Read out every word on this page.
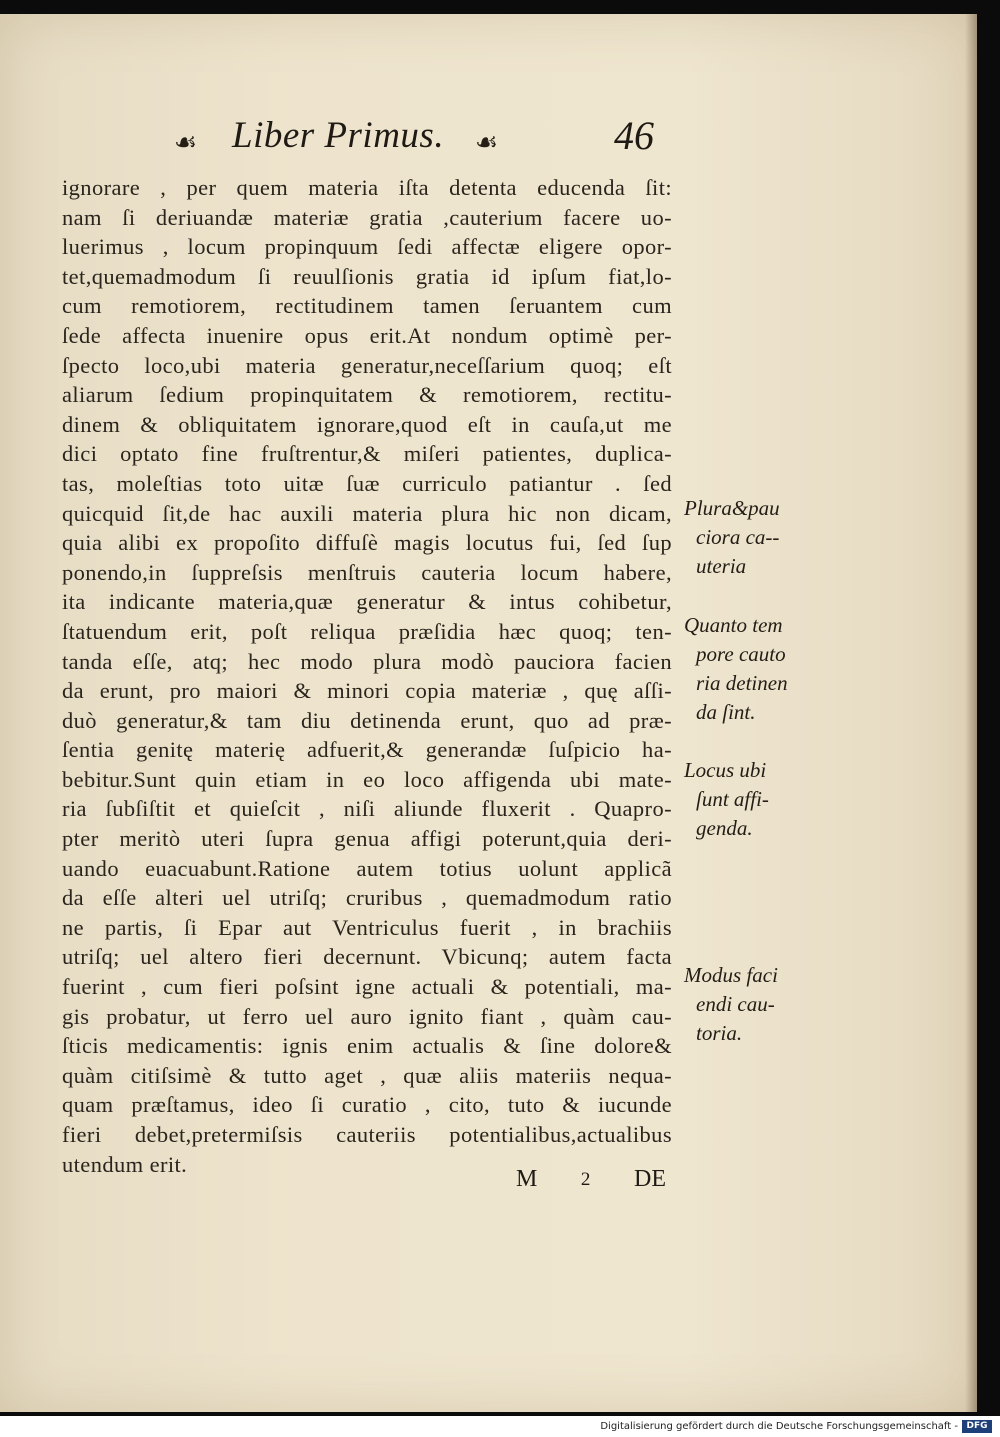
☙ Liber Primus. ☙	46
ignorare , per quem materia iſta detenta educenda ſit:
nam ſi deriuandæ materiæ gratia ,cauterium facere uo-
luerimus , locum propinquum ſedi affectæ eligere opor-
tet,quemadmodum ſi reuulſionis gratia id ipſum fiat,lo-
cum remotiorem, rectitudinem tamen ſeruantem cum
ſede affecta inuenire opus erit.At nondum optimè per-
ſpecto loco,ubi materia generatur,neceſſarium quoq; eſt
aliarum ſedium propinquitatem & remotiorem, rectitu-
dinem & obliquitatem ignorare,quod eſt in cauſa,ut me
dici optato fine fruſtrentur,& miſeri patientes, duplica-
tas, moleſtias toto uitæ ſuæ curriculo patiantur . ſed
quicquid ſit,de hac auxili materia plura hic non dicam,
quia alibi ex propoſito diffuſè magis locutus fui, ſed ſup
ponendo,in ſuppreſsis menſtruis cauteria locum habere,
ita indicante materia,quæ generatur & intus cohibetur,
ſtatuendum erit, poſt reliqua præſidia hæc quoq; ten-
tanda eſſe, atq; hec modo plura modò pauciora facien
da erunt, pro maiori & minori copia materiæ , quę aſſi-
duò generatur,& tam diu detinenda erunt, quo ad præ-
ſentia genitę materię adfuerit,& generandæ ſuſpicio ha-
bebitur.Sunt quin etiam in eo loco affigenda ubi mate-
ria ſubſiſtit et quieſcit , niſi aliunde fluxerit . Quapro-
pter meritò uteri ſupra genua affigi poterunt,quia deri-
uando euacuabunt.Ratione autem totius uolunt applicã
da eſſe alteri uel utriſq; cruribus , quemadmodum ratio
ne partis, ſi Epar aut Ventriculus fuerit , in brachiis
utriſq; uel altero fieri decernunt. Vbicunq; autem facta
fuerint , cum fieri poſsint igne actuali & potentiali, ma-
gis probatur, ut ferro uel auro ignito fiant , quàm cau-
ſticis medicamentis: ignis enim actualis & ſine dolore&
quàm citiſsimè & tutto aget , quæ aliis materiis nequa-
quam præſtamus, ideo ſi curatio , cito, tuto & iucunde
fieri debet,pretermiſsis cauteriis potentialibus,actualibus
utendum erit.
M 2 DE
Plura&pau
ciora ca--
uteria
Quanto tem
pore cauto
ria detinen
da ſint.
Locus ubi
ſunt affi-
genda.
Modus faci
endi cau-
toria.
Digitalisierung gefördert durch die Deutsche Forschungsgemeinschaft - DFG
